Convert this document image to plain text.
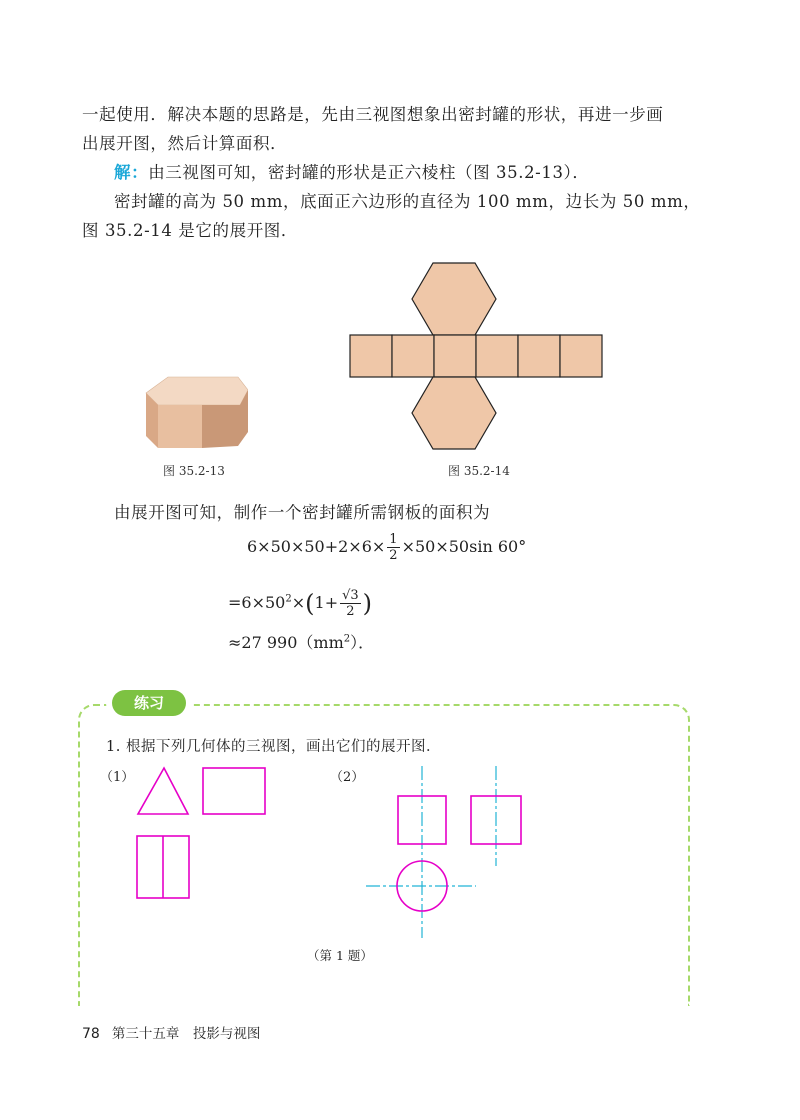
一起使用．解决本题的思路是，先由三视图想象出密封罐的形状，再进一步画
出展开图，然后计算面积．
解：由三视图可知，密封罐的形状是正六棱柱（图 35.2-13）．
密封罐的高为 50 mm，底面正六边形的直径为 100 mm，边长为 50 mm，
图 35.2-14 是它的展开图．
图 35.2-13	图 35.2-14
由展开图可知，制作一个密封罐所需钢板的面积为
$6\times 50\times 50+2\times 6\times \frac{1}{2} \times 50\times 50\sin$ 60°
$=6\times 50^2\times(1+ \frac{√3}{2}$ )
≈27 $990(mm^2)$．
练习
1. 根据下列几何体的三视图，画出它们的展开图．
（1）	（2）
（第 1 题）
78 第三十五章　投影与视图
